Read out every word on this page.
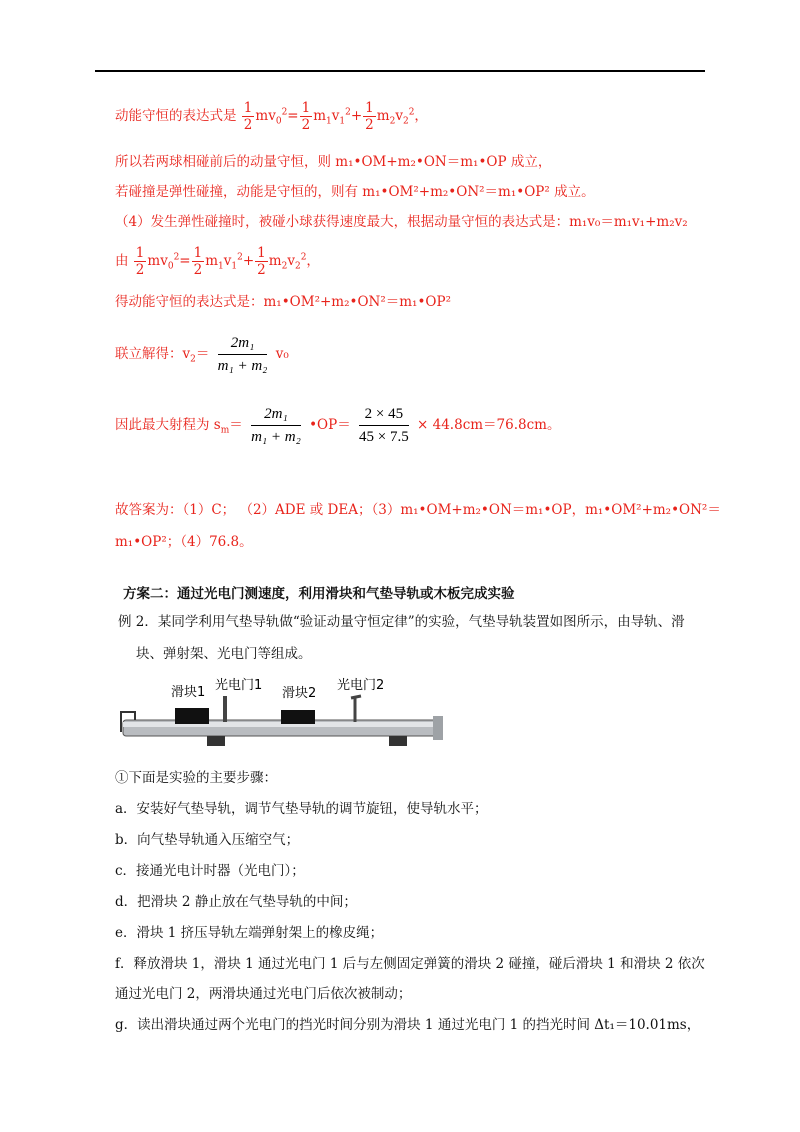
动能守恒的表达式是 $\frac{1}{2} mv_0^2= \frac{1}{2} m_1v_1^2+ \frac{1}{2} m_2v_2^2$，
所以若两球相碰前后的动量守恒，则 m₁•OM+m₂•ON＝m₁•OP 成立，
若碰撞是弹性碰撞，动能是守恒的，则有 m₁•OM²+m₂•ON²＝m₁•OP² 成立。
（4）发生弹性碰撞时，被碰小球获得速度最大，根据动量守恒的表达式是：m₁v₀＝m₁v₁+m₂v₂
由 $\frac{1}{2} mv_0^2= \frac{1}{2} m_1v_1^2+ \frac{1}{2} m_2v_2^2$，
得动能守恒的表达式是：m₁•OM²+m₂•ON²＝m₁•OP²
联立解得：$v_2= \frac{\text{2m₁}}{\text{m₁ + m₂}} v_0$
因此最大射程为 $s_m= \frac{\text{2m₁}}{\text{m₁ + m₂}}$ •OP＝ $\frac{2 \times 45}{45 \times 7.5} \times 44.8cm=76.8cm$。
故答案为：（1）C； （2）ADE 或 DEA；（3）m₁•OM+m₂•ON＝m₁•OP，m₁•OM²+m₂•ON²＝
m₁•OP²；（4）76.8。
方案二：通过光电门测速度，利用滑块和气垫导轨或木板完成实验
例 2．某同学利用气垫导轨做“验证动量守恒定律”的实验，气垫导轨装置如图所示，由导轨、滑
块、弹射架、光电门等组成。
滑块1 光电门1
滑块2
光电门2
①下面是实验的主要步骤：
a．安装好气垫导轨，调节气垫导轨的调节旋钮，使导轨水平；
b．向气垫导轨通入压缩空气；
c．接通光电计时器（光电门）；
d．把滑块 2 静止放在气垫导轨的中间；
e．滑块 1 挤压导轨左端弹射架上的橡皮绳；
f．释放滑块 1，滑块 1 通过光电门 1 后与左侧固定弹簧的滑块 2 碰撞，碰后滑块 1 和滑块 2 依次
通过光电门 2，两滑块通过光电门后依次被制动；
g．读出滑块通过两个光电门的挡光时间分别为滑块 1 通过光电门 1 的挡光时间 Δt₁＝10.01ms，
